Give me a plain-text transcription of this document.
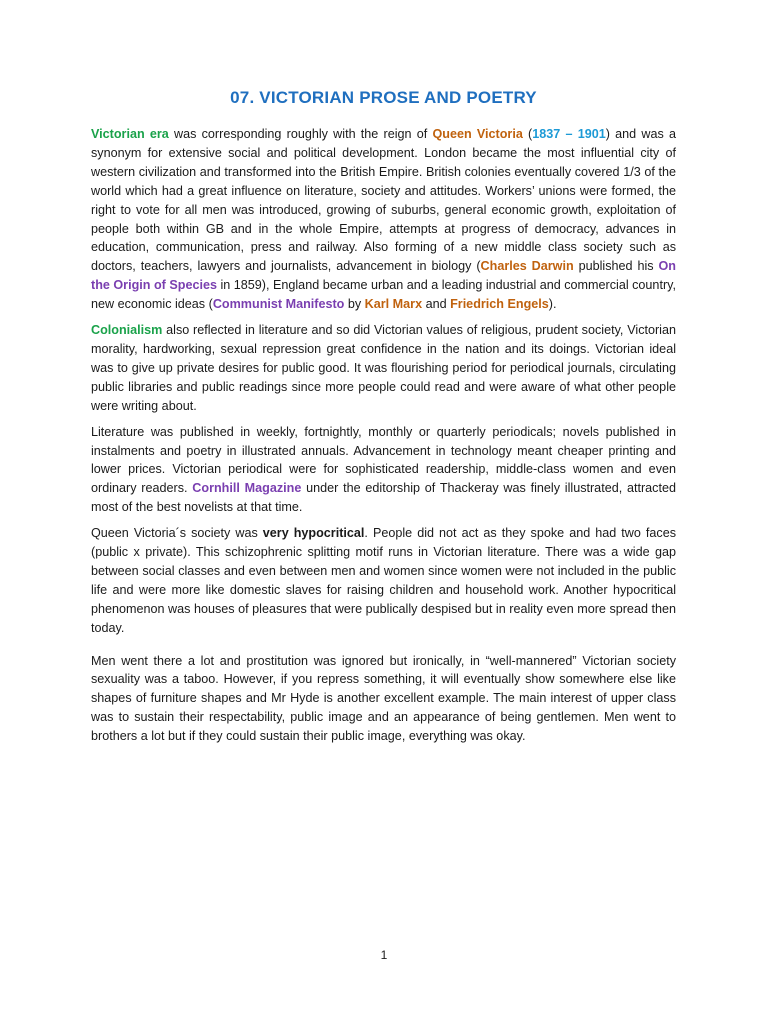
07. VICTORIAN PROSE AND POETRY

Victorian era was corresponding roughly with the reign of Queen Victoria (1837 – 1901) and was a synonym for extensive social and political development. London became the most influential city of western civilization and transformed into the British Empire. British colonies eventually covered 1/3 of the world which had a great influence on literature, society and attitudes. Workers’ unions were formed, the right to vote for all men was introduced, growing of suburbs, general economic growth, exploitation of people both within GB and in the whole Empire, attempts at progress of democracy, advances in education, communication, press and railway. Also forming of a new middle class society such as doctors, teachers, lawyers and journalists, advancement in biology (Charles Darwin published his On the Origin of Species in 1859), England became urban and a leading industrial and commercial country, new economic ideas (Communist Manifesto by Karl Marx and Friedrich Engels).

Colonialism also reflected in literature and so did Victorian values of religious, prudent society, Victorian morality, hardworking, sexual repression great confidence in the nation and its doings. Victorian ideal was to give up private desires for public good. It was flourishing period for periodical journals, circulating public libraries and public readings since more people could read and were aware of what other people were writing about.

Literature was published in weekly, fortnightly, monthly or quarterly periodicals; novels published in instalments and poetry in illustrated annuals. Advancement in technology meant cheaper printing and lower prices. Victorian periodical were for sophisticated readership, middle-class women and even ordinary readers. Cornhill Magazine under the editorship of Thackeray was finely illustrated, attracted most of the best novelists at that time.

Queen Victoria´s society was very hypocritical. People did not act as they spoke and had two faces (public x private). This schizophrenic splitting motif runs in Victorian literature. There was a wide gap between social classes and even between men and women since women were not included in the public life and were more like domestic slaves for raising children and household work. Another hypocritical phenomenon was houses of pleasures that were publically despised but in reality even more spread then today.

Men went there a lot and prostitution was ignored but ironically, in “well-mannered” Victorian society sexuality was a taboo. However, if you repress something, it will eventually show somewhere else like shapes of furniture shapes and Mr Hyde is another excellent example. The main interest of upper class was to sustain their respectability, public image and an appearance of being gentlemen. Men went to brothers a lot but if they could sustain their public image, everything was okay.

1
